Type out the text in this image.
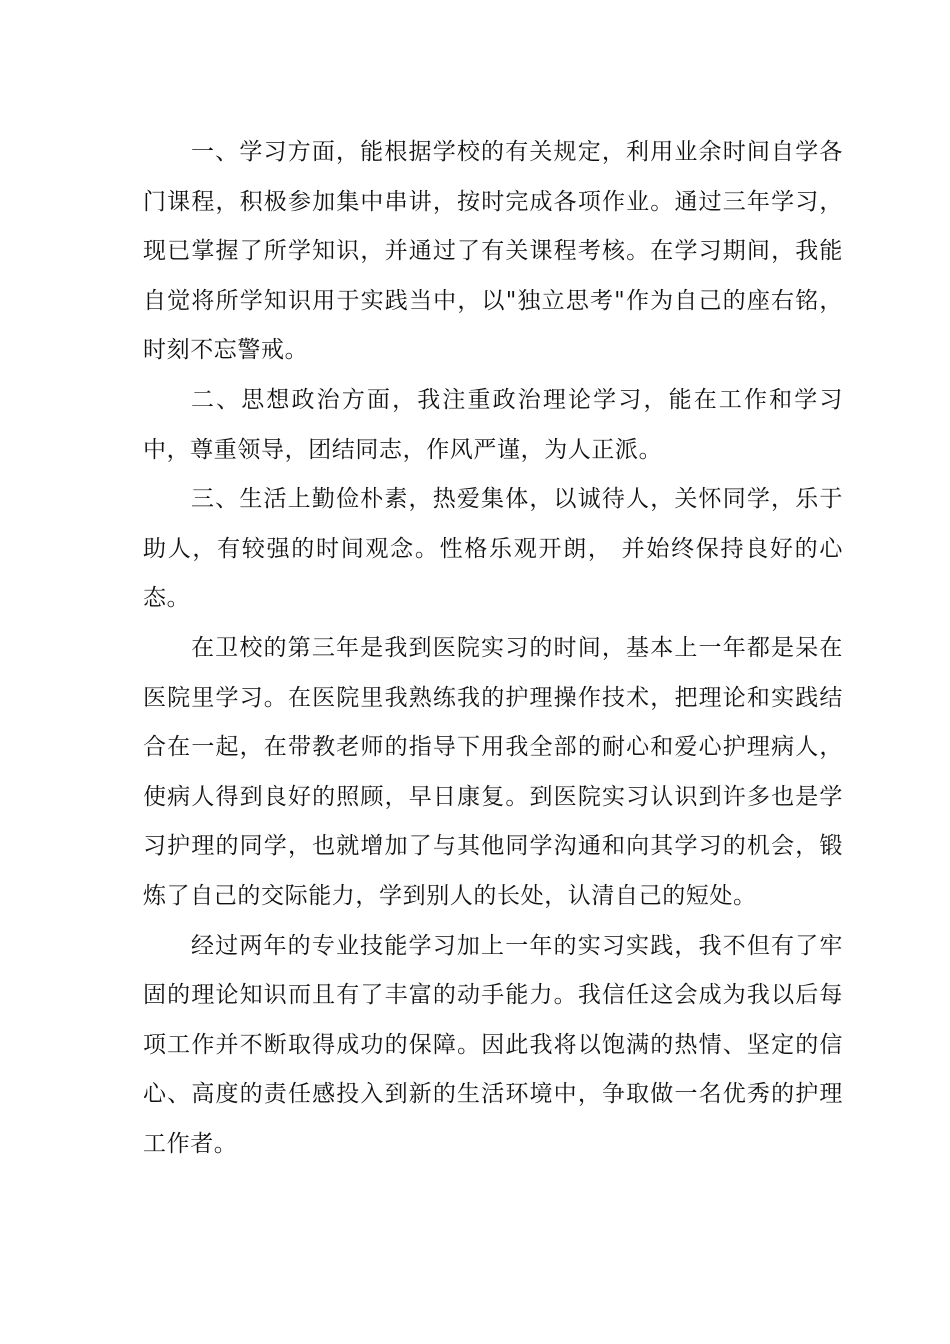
一、学习方面，能根据学校的有关规定，利用业余时间自学各门课程，积极参加集中串讲，按时完成各项作业。通过三年学习，现已掌握了所学知识，并通过了有关课程考核。在学习期间，我能自觉将所学知识用于实践当中，以"独立思考"作为自己的座右铭，时刻不忘警戒。

二、思想政治方面，我注重政治理论学习，能在工作和学习中，尊重领导，团结同志，作风严谨，为人正派。

三、生活上勤俭朴素，热爱集体，以诚待人，关怀同学，乐于助人，有较强的时间观念。性格乐观开朗， 并始终保持良好的心态。

在卫校的第三年是我到医院实习的时间，基本上一年都是呆在医院里学习。在医院里我熟练我的护理操作技术，把理论和实践结合在一起，在带教老师的指导下用我全部的耐心和爱心护理病人，使病人得到良好的照顾，早日康复。到医院实习认识到许多也是学习护理的同学，也就增加了与其他同学沟通和向其学习的机会，锻炼了自己的交际能力，学到别人的长处，认清自己的短处。

经过两年的专业技能学习加上一年的实习实践，我不但有了牢固的理论知识而且有了丰富的动手能力。我信任这会成为我以后每项工作并不断取得成功的保障。因此我将以饱满的热情、坚定的信心、高度的责任感投入到新的生活环境中，争取做一名优秀的护理工作者。
